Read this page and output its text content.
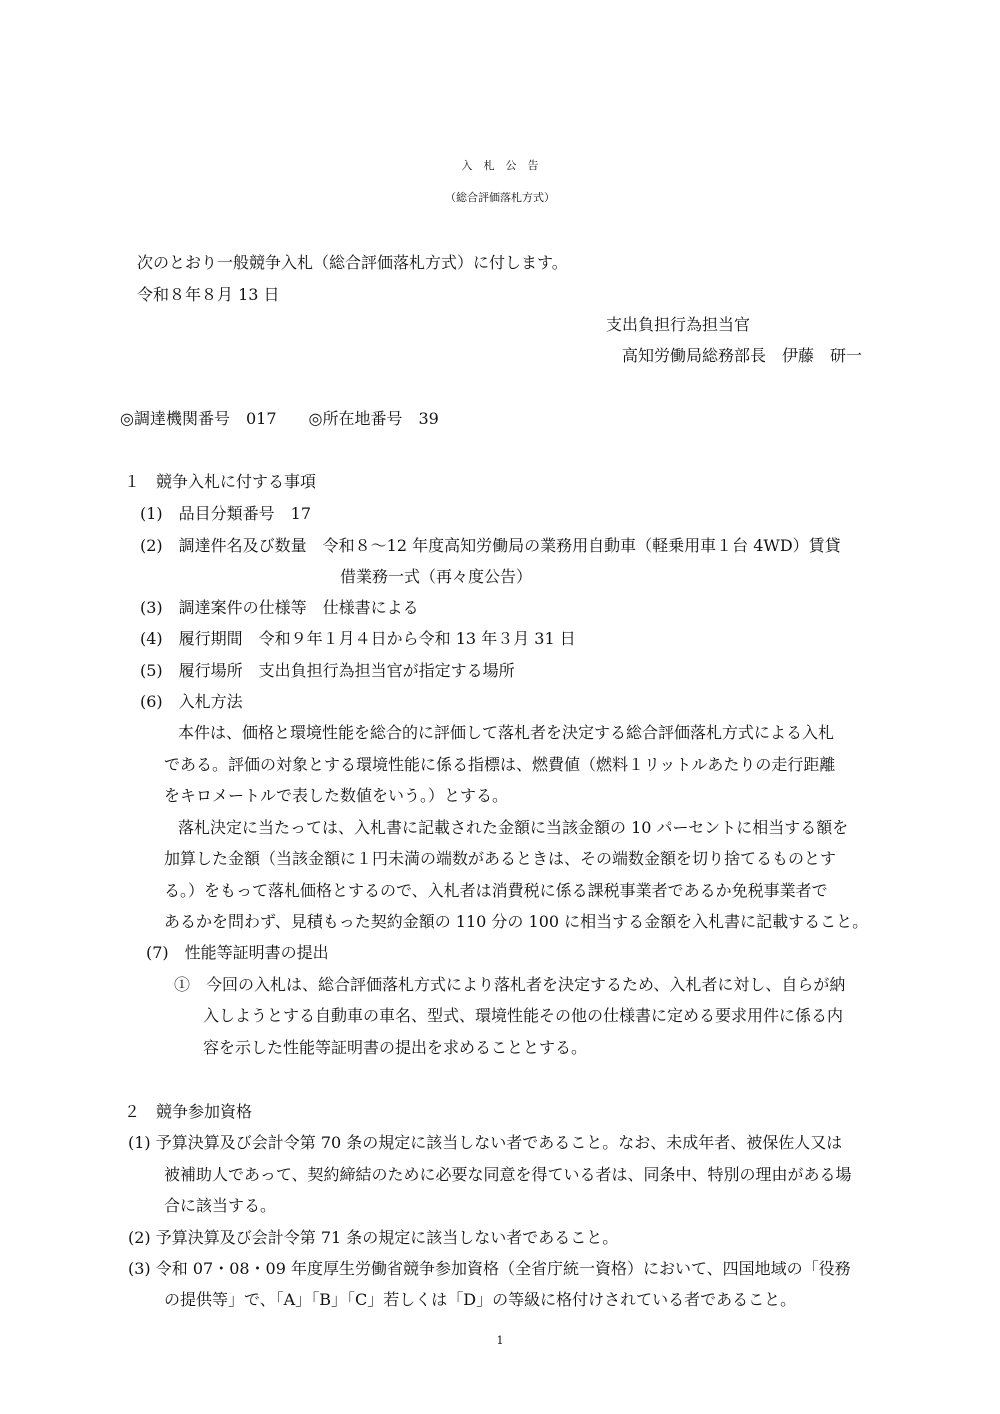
入　札　公　告

（総合評価落札方式）

次のとおり一般競争入札（総合評価落札方式）に付します。

令和８年８月 13 日

支出負担行為担当官

高知労働局総務部長　伊藤　研一

◎調達機関番号　017　　◎所在地番号　39

１　競争入札に付する事項

(1)　品目分類番号　17

(2)　調達件名及び数量　令和８～12 年度高知労働局の業務用自動車（軽乗用車１台 4WD）賃貸

借業務一式（再々度公告）

(3)　調達案件の仕様等　仕様書による

(4)　履行期間　令和９年１月４日から令和 13 年３月 31 日

(5)　履行場所　支出負担行為担当官が指定する場所

(6)　入札方法

本件は、価格と環境性能を総合的に評価して落札者を決定する総合評価落札方式による入札

である。評価の対象とする環境性能に係る指標は、燃費値（燃料１リットルあたりの走行距離

をキロメートルで表した数値をいう。）とする。

落札決定に当たっては、入札書に記載された金額に当該金額の 10 パーセントに相当する額を

加算した金額（当該金額に１円未満の端数があるときは、その端数金額を切り捨てるものとす

る。）をもって落札価格とするので、入札者は消費税に係る課税事業者であるか免税事業者で

あるかを問わず、見積もった契約金額の 110 分の 100 に相当する金額を入札書に記載すること。

(7)　性能等証明書の提出

①　今回の入札は、総合評価落札方式により落札者を決定するため、入札者に対し、自らが納

入しようとする自動車の車名、型式、環境性能その他の仕様書に定める要求用件に係る内

容を示した性能等証明書の提出を求めることとする。

２　競争参加資格

(1) 予算決算及び会計令第 70 条の規定に該当しない者であること。なお、未成年者、被保佐人又は

被補助人であって、契約締結のために必要な同意を得ている者は、同条中、特別の理由がある場

合に該当する。

(2) 予算決算及び会計令第 71 条の規定に該当しない者であること。

(3) 令和 07・08・09 年度厚生労働省競争参加資格（全省庁統一資格）において、四国地域の「役務

の提供等」で、「A」「B」「C」若しくは「D」の等級に格付けされている者であること。

1
